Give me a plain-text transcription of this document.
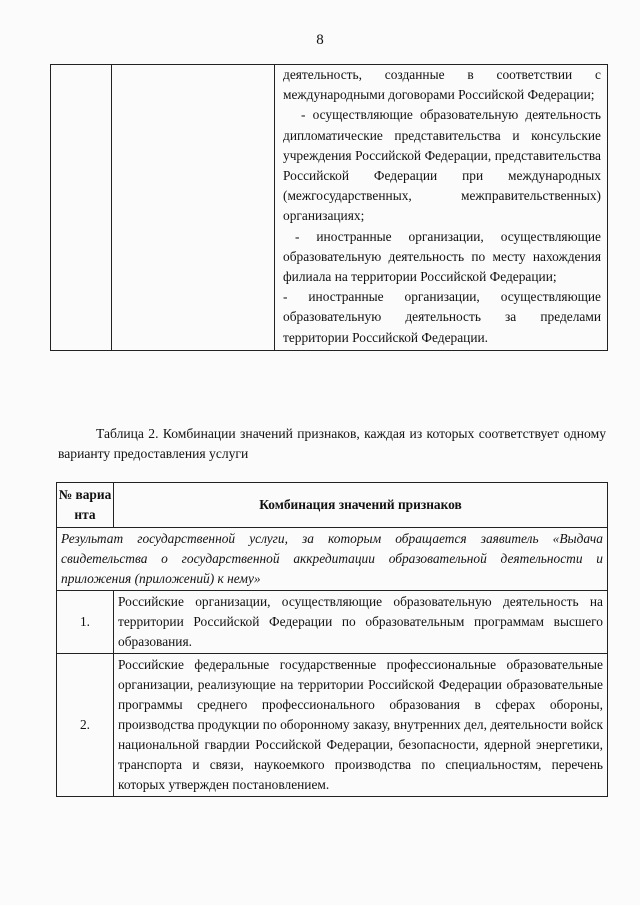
8

деятельность, созданные в соответствии с международными договорами Российской Федерации;
- осуществляющие образовательную деятельность дипломатические представительства и консульские учреждения Российской Федерации, представительства Российской Федерации при международных (межгосударственных, межправительственных) организациях;
- иностранные организации, осуществляющие образовательную деятельность по месту нахождения филиала на территории Российской Федерации;
- иностранные организации, осуществляющие образовательную деятельность за пределами территории Российской Федерации.
Таблица 2. Комбинации значений признаков, каждая из которых соответствует одному варианту предоставления услуги
№ варианта	Комбинация значений признаков
Результат государственной услуги, за которым обращается заявитель «Выдача свидетельства о государственной аккредитации образовательной деятельности и приложения (приложений) к нему»	
1.	Российские организации, осуществляющие образовательную деятельность на территории Российской Федерации по образовательным программам высшего образования.
2.	Российские федеральные государственные профессиональные образовательные организации, реализующие на территории Российской Федерации образовательные программы среднего профессионального образования в сферах обороны, производства продукции по оборонному заказу, внутренних дел, деятельности войск национальной гвардии Российской Федерации, безопасности, ядерной энергетики, транспорта и связи, наукоемкого производства по специальностям, перечень которых утвержден постановлением.
